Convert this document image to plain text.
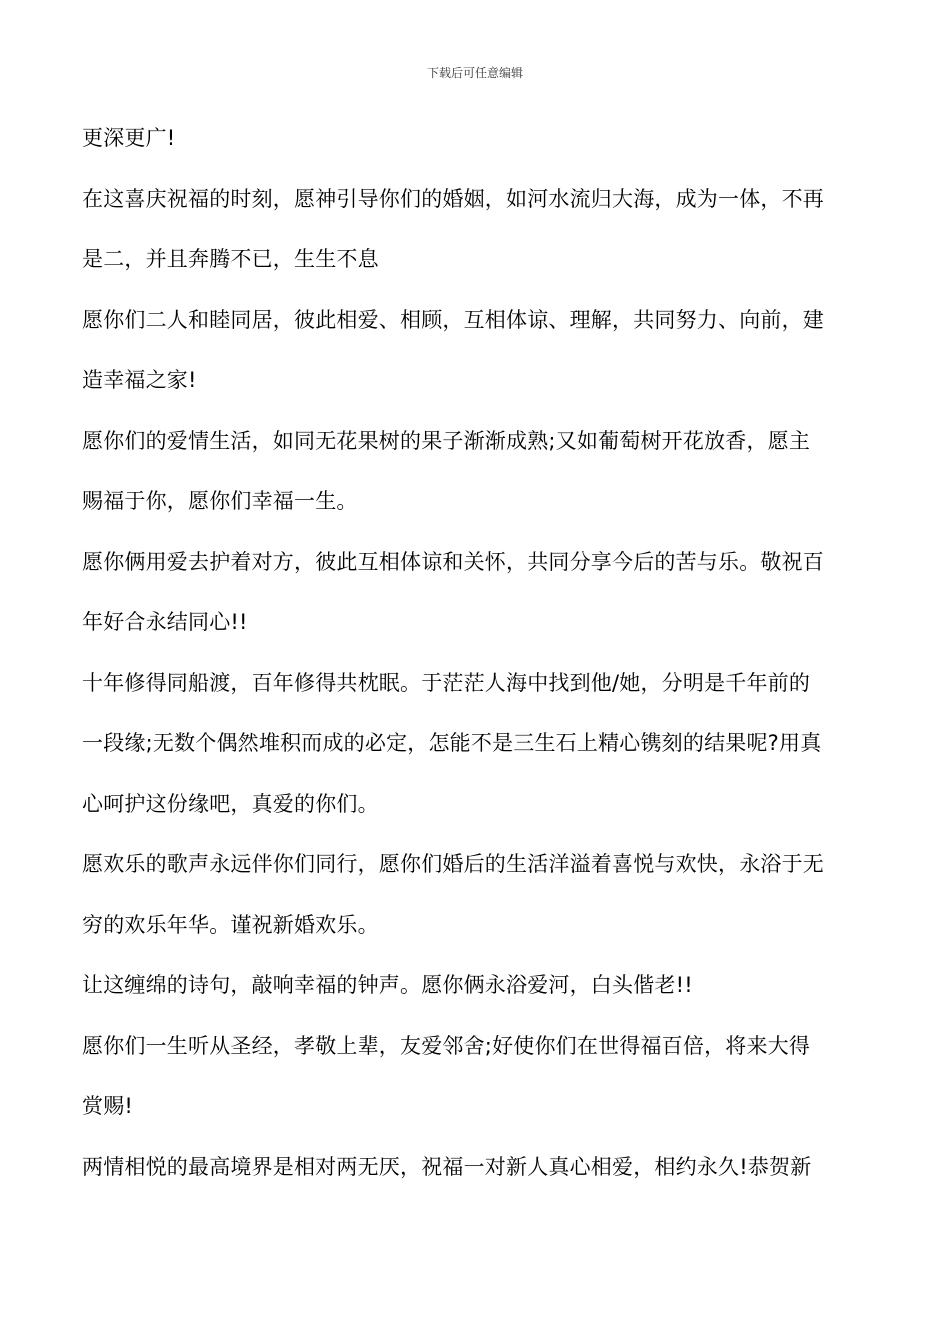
下载后可任意编辑
更深更广!
在这喜庆祝福的时刻，愿神引导你们的婚姻，如河水流归大海，成为一体，不再
是二，并且奔腾不已，生生不息
愿你们二人和睦同居，彼此相爱、相顾，互相体谅、理解，共同努力、向前，建
造幸福之家!
愿你们的爱情生活，如同无花果树的果子渐渐成熟;又如葡萄树开花放香，愿主
赐福于你，愿你们幸福一生。
愿你俩用爱去护着对方，彼此互相体谅和关怀，共同分享今后的苦与乐。敬祝百
年好合永结同心!!
十年修得同船渡，百年修得共枕眠。于茫茫人海中找到他/她，分明是千年前的
一段缘;无数个偶然堆积而成的必定，怎能不是三生石上精心镌刻的结果呢?用真
心呵护这份缘吧，真爱的你们。
愿欢乐的歌声永远伴你们同行，愿你们婚后的生活洋溢着喜悦与欢快，永浴于无
穷的欢乐年华。谨祝新婚欢乐。
让这缠绵的诗句，敲响幸福的钟声。愿你俩永浴爱河，白头偕老!!
愿你们一生听从圣经，孝敬上辈，友爱邻舍;好使你们在世得福百倍，将来大得
赏赐!
两情相悦的最高境界是相对两无厌，祝福一对新人真心相爱，相约永久!恭贺新
